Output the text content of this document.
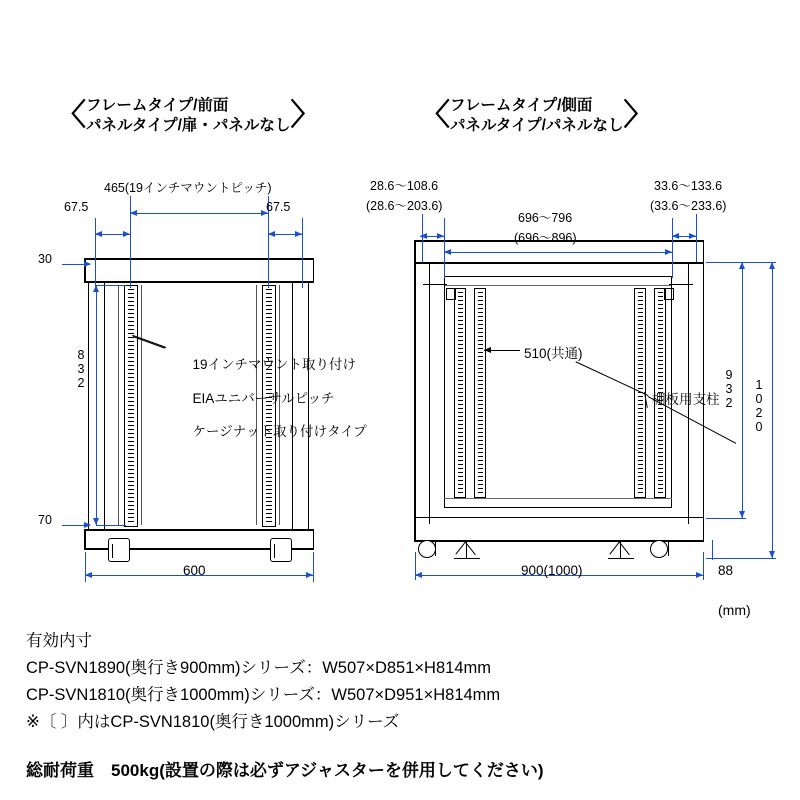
〈フレームタイプ/前面
パネルタイプ/扉・パネルなし〉	〈フレームタイプ/側面
パネルタイプ/パネルなし〉
465(19インチマウントピッチ)
67.5	67.5
30
832
70
600

19インチマウント取り付け

EIAユニバーサルピッチ

ケージナット取り付けタイプ

28.6～108.6
(28.6～203.6)
33.6～133.6
(33.6～233.6)
696～796
(696～896)
510(共通)
棚板用支柱 932 1020
88
900(1000)
(mm)
有効内寸
CP-SVN1890(奥行き900mm)シリーズ：W507×D851×H814mm
CP-SVN1810(奥行き1000mm)シリーズ：W507×D951×H814mm
※〔 〕内はCP-SVN1810(奥行き1000mm)シリーズ
総耐荷重　500kg(設置の際は必ずアジャスターを併用してください)
